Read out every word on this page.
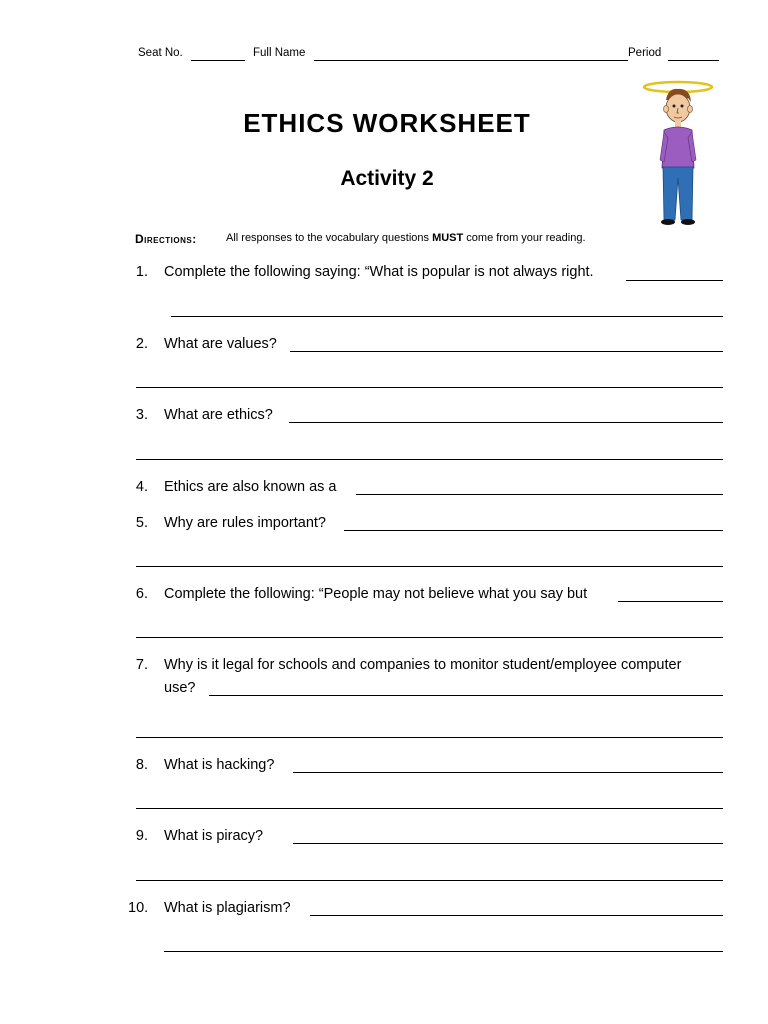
Seat No.	Full Name	Period
ETHICS WORKSHEET
Activity 2
Directions:	All responses to the vocabulary questions MUST come from your reading.
1. Complete the following saying: “What is popular is not always right.
2. What are values?
3. What are ethics?
4. Ethics are also known as a
5. Why are rules important?
6. Complete the following: “People may not believe what you say but
7. Why is it legal for schools and companies to monitor student/employee computer
use?
8. What is hacking?
9. What is piracy?
10. What is plagiarism?
